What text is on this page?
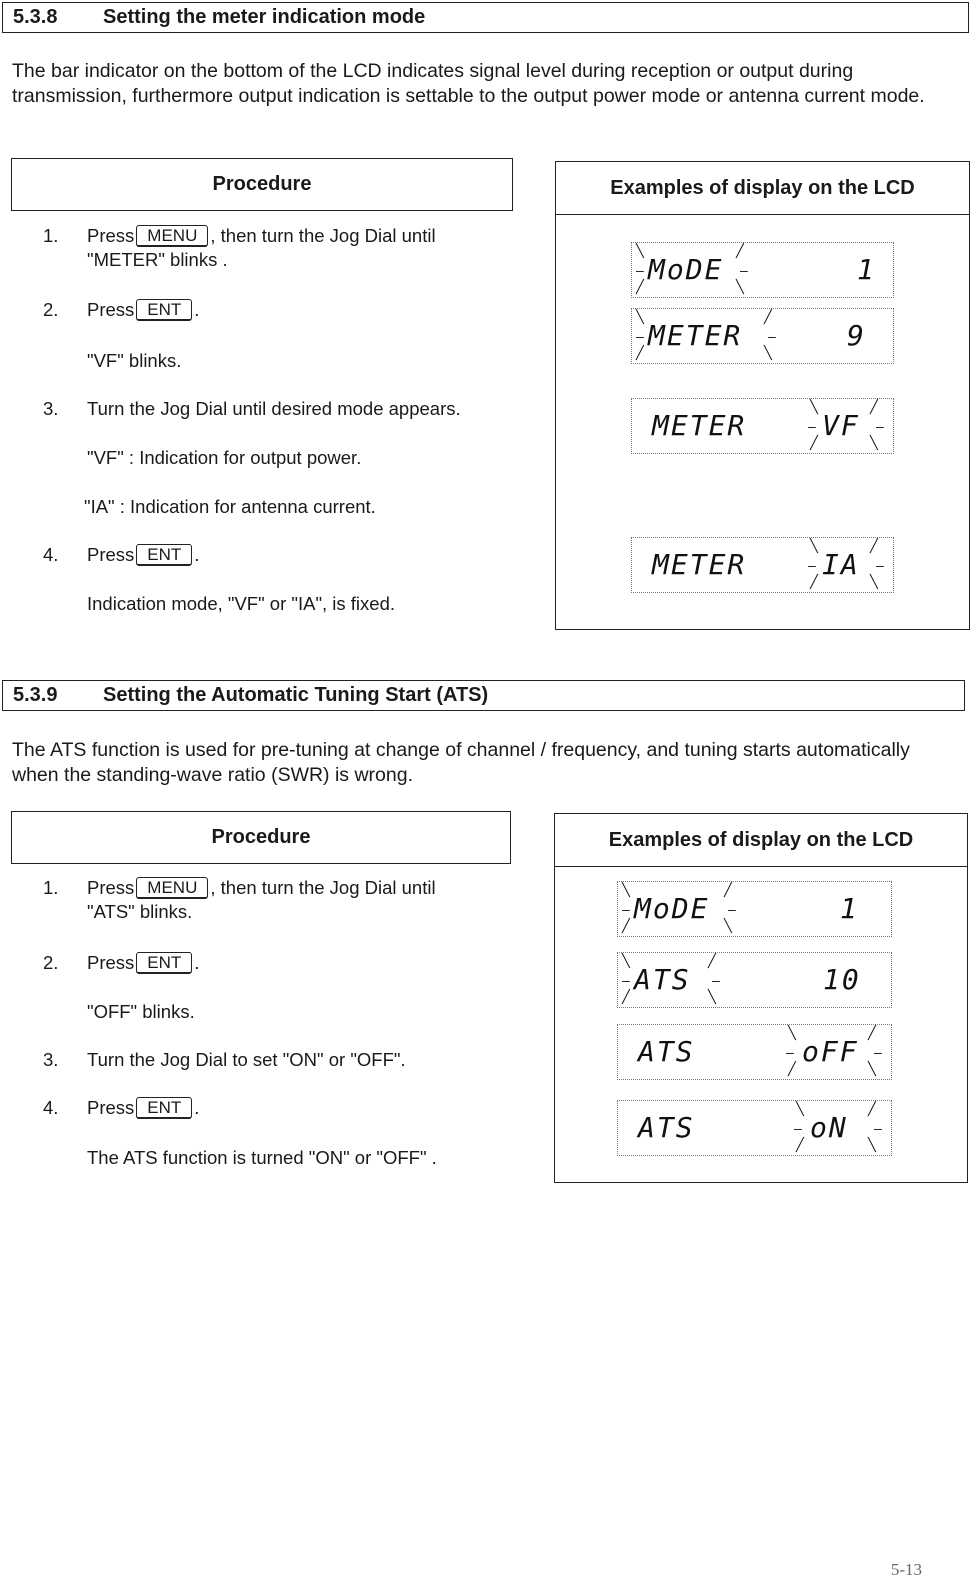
5.3.8 Setting the meter indication mode
The bar indicator on the bottom of the LCD indicates signal level during reception or output during transmission, furthermore output indication is settable to the output power mode or antenna current mode.
Procedure
1. Press MENU , then turn the Jog Dial until
"METER" blinks .
2. Press ENT .
"VF" blinks.
3. Turn the Jog Dial until desired mode appears.
"VF" : Indication for output power.
"IA" : Indication for antenna current.
4. Press ENT .
Indication mode, "VF" or "IA", is fixed.
Examples of display on the LCD
MoDE	1
╲
–
╱
╱
–
╲
METER	9
╲
–
╱
╱
–
╲
METER	VF
╲
–
╱
╱
–
╲
METER	IA
╲
–
╱
╱
–
╲
5.3.9 Setting the Automatic Tuning Start (ATS)
The ATS function is used for pre-tuning at change of channel / frequency, and tuning starts automatically when the standing-wave ratio (SWR) is wrong.
Procedure
1. Press MENU , then turn the Jog Dial until
"ATS" blinks.
2. Press ENT .
"OFF" blinks.
3. Turn the Jog Dial to set "ON" or "OFF".
4. Press ENT .
The ATS function is turned "ON" or "OFF" .
Examples of display on the LCD
MoDE	1
╲
–
╱
╱
–
╲
ATS	10
╲
–
╱
╱
–
╲
ATS	oFF
╲
–
╱
╱
–
╲
ATS	oN
╲
–
╱
╱
–
╲
5-13
